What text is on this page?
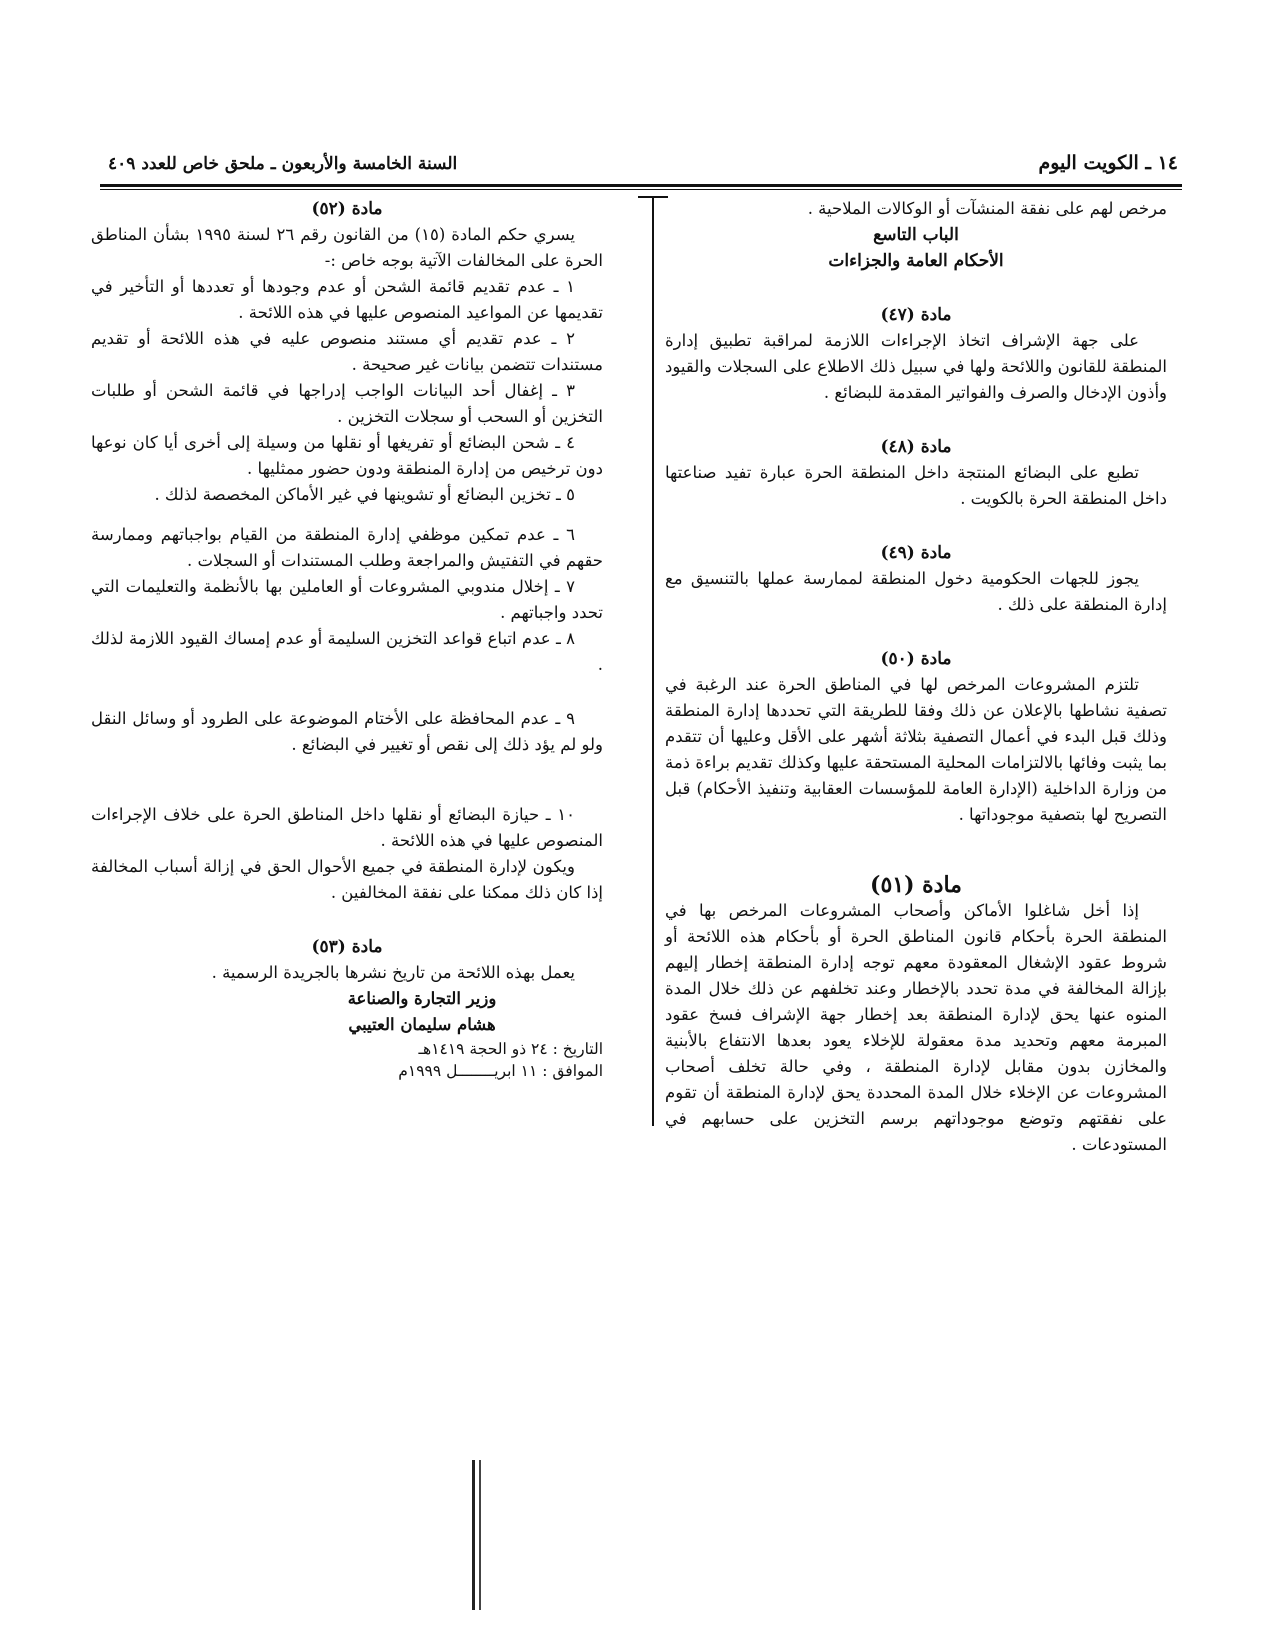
١٤ ـ الكويت اليوم
السنة الخامسة والأربعون ـ ملحق خاص للعدد ٤٠٩

مرخص لهم على نفقة المنشآت أو الوكالات الملاحية .

الباب التاسع

الأحكام العامة والجزاءات

مادة (٤٧)

على جهة الإشراف اتخاذ الإجراءات اللازمة لمراقبة تطبيق إدارة المنطقة للقانون واللائحة ولها في سبيل ذلك الاطلاع على السجلات والقيود وأذون الإدخال والصرف والفواتير المقدمة للبضائع .

مادة (٤٨)

تطبع على البضائع المنتجة داخل المنطقة الحرة عبارة تفيد صناعتها داخل المنطقة الحرة بالكويت .

مادة (٤٩)

يجوز للجهات الحكومية دخول المنطقة لممارسة عملها بالتنسيق مع إدارة المنطقة على ذلك .

مادة (٥٠)

تلتزم المشروعات المرخص لها في المناطق الحرة عند الرغبة في تصفية نشاطها بالإعلان عن ذلك وفقا للطريقة التي تحددها إدارة المنطقة وذلك قبل البدء في أعمال التصفية بثلاثة أشهر على الأقل وعليها أن تتقدم بما يثبت وفائها بالالتزامات المحلية المستحقة عليها وكذلك تقديم براءة ذمة من وزارة الداخلية (الإدارة العامة للمؤسسات العقابية وتنفيذ الأحكام) قبل التصريح لها بتصفية موجوداتها .

مادة (٥١)

إذا أخل شاغلوا الأماكن وأصحاب المشروعات المرخص بها في المنطقة الحرة بأحكام قانون المناطق الحرة أو بأحكام هذه اللائحة أو شروط عقود الإشغال المعقودة معهم توجه إدارة المنطقة إخطار إليهم بإزالة المخالفة في مدة تحدد بالإخطار وعند تخلفهم عن ذلك خلال المدة المنوه عنها يحق لإدارة المنطقة بعد إخطار جهة الإشراف فسخ عقود المبرمة معهم وتحديد مدة معقولة للإخلاء يعود بعدها الانتفاع بالأبنية والمخازن بدون مقابل لإدارة المنطقة ، وفي حالة تخلف أصحاب المشروعات عن الإخلاء خلال المدة المحددة يحق لإدارة المنطقة أن تقوم على نفقتهم وتوضع موجوداتهم برسم التخزين على حسابهم في المستودعات .

مادة (٥٢)

يسري حكم المادة (١٥) من القانون رقم ٢٦ لسنة ١٩٩٥ بشأن المناطق الحرة على المخالفات الآتية بوجه خاص :-

١ ـ عدم تقديم قائمة الشحن أو عدم وجودها أو تعددها أو التأخير في تقديمها عن المواعيد المنصوص عليها في هذه اللائحة .

٢ ـ عدم تقديم أي مستند منصوص عليه في هذه اللائحة أو تقديم مستندات تتضمن بيانات غير صحيحة .

٣ ـ إغفال أحد البيانات الواجب إدراجها في قائمة الشحن أو طلبات التخزين أو السحب أو سجلات التخزين .

٤ ـ شحن البضائع أو تفريغها أو نقلها من وسيلة إلى أخرى أيا كان نوعها دون ترخيص من إدارة المنطقة ودون حضور ممثليها .

٥ ـ تخزين البضائع أو تشوينها في غير الأماكن المخصصة لذلك .

٦ ـ عدم تمكين موظفي إدارة المنطقة من القيام بواجباتهم وممارسة حقهم في التفتيش والمراجعة وطلب المستندات أو السجلات .

٧ ـ إخلال مندوبي المشروعات أو العاملين بها بالأنظمة والتعليمات التي تحدد واجباتهم .

٨ ـ عدم اتباع قواعد التخزين السليمة أو عدم إمساك القيود اللازمة لذلك .

٩ ـ عدم المحافظة على الأختام الموضوعة على الطرود أو وسائل النقل ولو لم يؤد ذلك إلى نقص أو تغيير في البضائع .

١٠ ـ حيازة البضائع أو نقلها داخل المناطق الحرة على خلاف الإجراءات المنصوص عليها في هذه اللائحة .

ويكون لإدارة المنطقة في جميع الأحوال الحق في إزالة أسباب المخالفة إذا كان ذلك ممكنا على نفقة المخالفين .

مادة (٥٣)

يعمل بهذه اللائحة من تاريخ نشرها بالجريدة الرسمية .

وزير التجارة والصناعة

هشام سليمان العتيبي

التاريخ : ٢٤ ذو الحجة ١٤١٩هـ

الموافق : ١١ ابريــــــــل ١٩٩٩م
